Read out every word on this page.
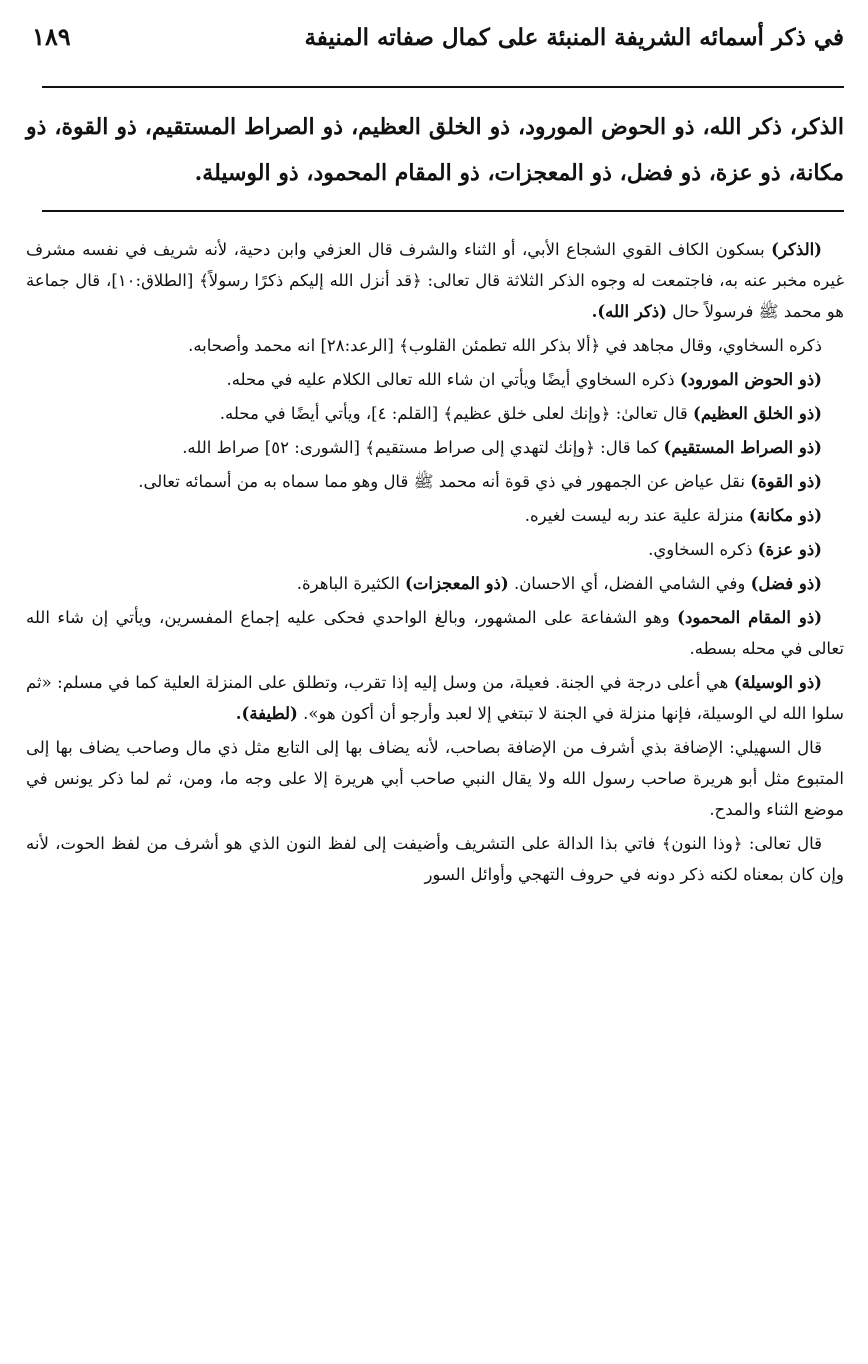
في ذكر أسمائه الشريفة المنبئة على كمال صفاته المنيفة
١٨٩

الذكر، ذكر الله، ذو الحوض المورود، ذو الخلق العظيم، ذو الصراط المستقيم، ذو القوة، ذو مكانة، ذو عزة، ذو فضل، ذو المعجزات، ذو المقام المحمود، ذو الوسيلة.

(الذكر) بسكون الكاف القوي الشجاع الأبي، أو الثناء والشرف قال العزفي وابن دحية، لأنه شريف في نفسه مشرف غيره مخبر عنه به، فاجتمعت له وجوه الذكر الثلاثة قال تعالى: ﴿قد أنزل الله إليكم ذكرًا رسولاً﴾ [الطلاق:١٠]، قال جماعة هو محمد ﷺ فرسولاً حال (ذكر الله).

ذكره السخاوي، وقال مجاهد في ﴿ألا بذكر الله تطمئن القلوب﴾ [الرعد:٢٨] انه محمد وأصحابه.

(ذو الحوض المورود) ذكره السخاوي أيضًا ويأتي ان شاء الله تعالى الكلام عليه في محله.

(ذو الخلق العظيم) قال تعالىٰ: ﴿وإنك لعلى خلق عظيم﴾ [القلم: ٤]، ويأتي أيضًا في محله.

(ذو الصراط المستقيم) كما قال: ﴿وإنك لتهدي إلى صراط مستقيم﴾ [الشورى: ٥٢] صراط الله.

(ذو القوة) نقل عياض عن الجمهور في ذي قوة أنه محمد ﷺ قال وهو مما سماه به من أسمائه تعالى.

(ذو مكانة) منزلة علية عند ربه ليست لغيره.

(ذو عزة) ذكره السخاوي.

(ذو فضل) وفي الشامي الفضل، أي الاحسان. (ذو المعجزات) الكثيرة الباهرة.

(ذو المقام المحمود) وهو الشفاعة على المشهور، وبالغ الواحدي فحكى عليه إجماع المفسرين، ويأتي إن شاء الله تعالى في محله بسطه.

(ذو الوسيلة) هي أعلى درجة في الجنة. فعيلة، من وسل إليه إذا تقرب، وتطلق على المنزلة العلية كما في مسلم: «ثم سلوا الله لي الوسيلة، فإنها منزلة في الجنة لا تبتغي إلا لعبد وأرجو أن أكون هو». (لطيفة).

قال السهيلي: الإضافة بذي أشرف من الإضافة بصاحب، لأنه يضاف بها إلى التابع مثل ذي مال وصاحب يضاف بها إلى المتبوع مثل أبو هريرة صاحب رسول الله ولا يقال النبي صاحب أبي هريرة إلا على وجه ما، ومن، ثم لما ذكر يونس في موضع الثناء والمدح.

قال تعالى: ﴿وذا النون﴾ فاتي بذا الدالة على التشريف وأضيفت إلى لفظ النون الذي هو أشرف من لفظ الحوت، لأنه وإن كان بمعناه لكنه ذكر دونه في حروف التهجي وأوائل السور
